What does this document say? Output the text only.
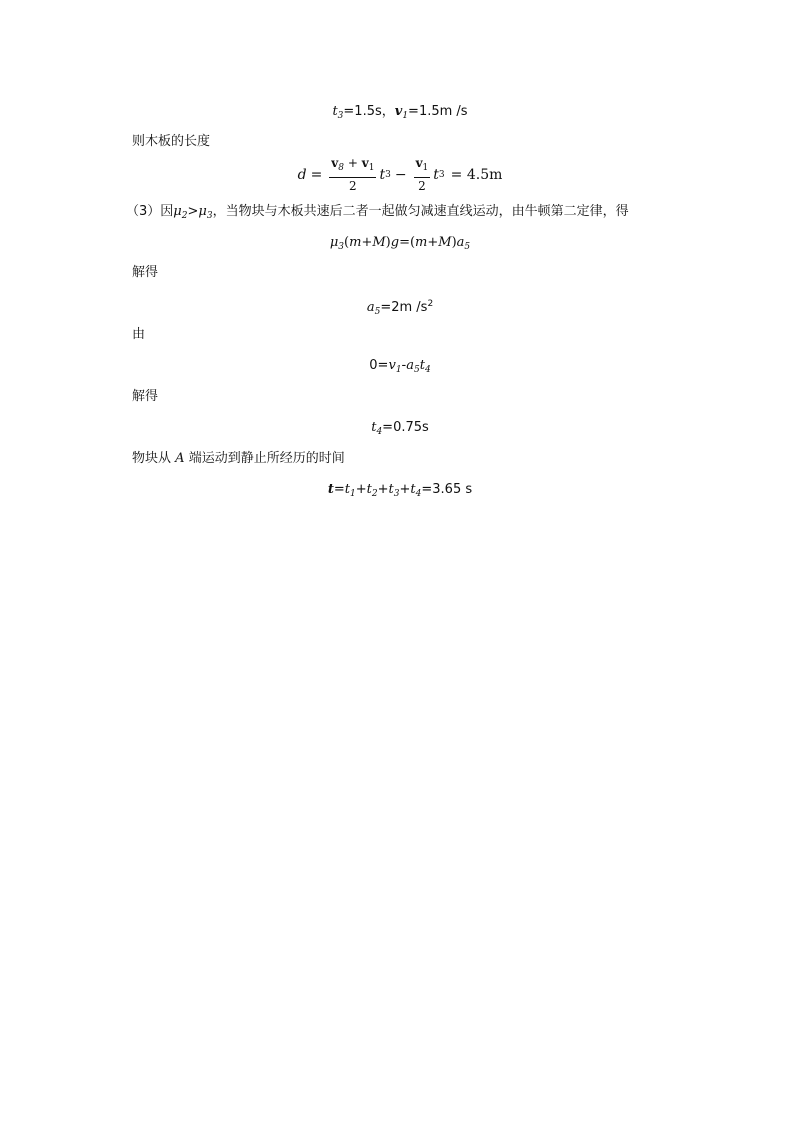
$t_3=1.5s$，$v_1=1.5m$ /s
则木板的长度
$d = \frac{v_8 + v_1}{2}$ t $3 - \frac{v_1}{2}$ t 3 = 4.5m
（3）因$\mu_2>\mu_3$，当物块与木板共速后二者一起做匀减速直线运动，由牛顿第二定律，得
$\mu_3(m+M)g=(m+M)a_5$
解得
$a_5=2m$ $/s^2$
由
$0=v_1-a_5t_4$
解得
$t_4=0.75s$
物块从 A 端运动到静止所经历的时间
$t=t_1+t_2+t_3+t_4=3.65$ s
